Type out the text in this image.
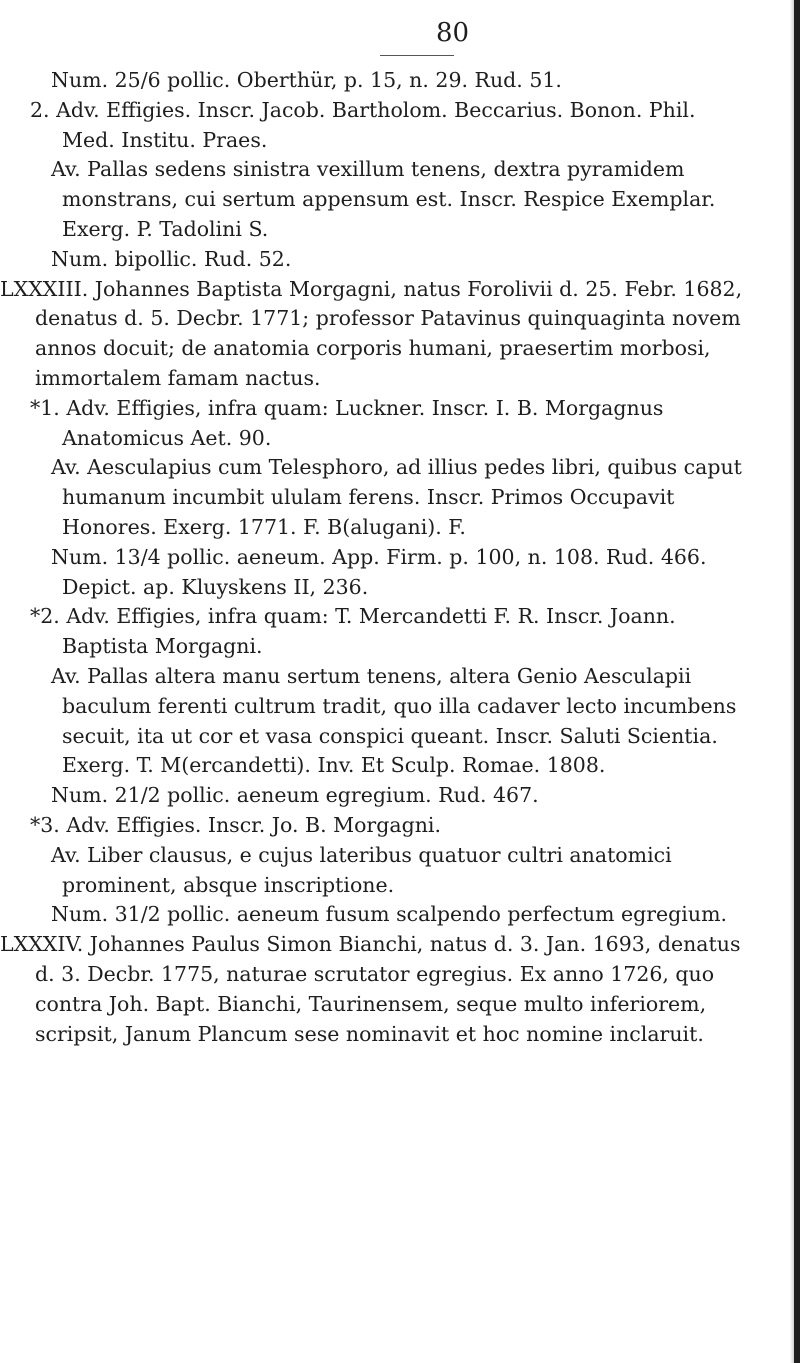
80

Num. 25/6 pollic. Oberthür, p. 15, n. 29. Rud. 51.

2. Adv. Effigies. Inscr. Jacob. Bartholom. Beccarius. Bonon. Phil. Med. Institu. Praes.

Av. Pallas sedens sinistra vexillum tenens, dextra pyramidem monstrans, cui sertum appensum est. Inscr. Respice Exemplar. Exerg. P. Tadolini S.

Num. bipollic. Rud. 52.

LXXXIII. Johannes Baptista Morgagni, natus Forolivii d. 25. Febr. 1682, denatus d. 5. Decbr. 1771; professor Patavinus quinquaginta novem annos docuit; de anatomia corporis humani, praesertim morbosi, immortalem famam nactus.

*1. Adv. Effigies, infra quam: Luckner. Inscr. I. B. Morgagnus Anatomicus Aet. 90.

Av. Aesculapius cum Telesphoro, ad illius pedes libri, quibus caput humanum incumbit ululam ferens. Inscr. Primos Occupavit Honores. Exerg. 1771. F. B(alugani). F.

Num. 13/4 pollic. aeneum. App. Firm. p. 100, n. 108. Rud. 466. Depict. ap. Kluyskens II, 236.

*2. Adv. Effigies, infra quam: T. Mercandetti F. R. Inscr. Joann. Baptista Morgagni.

Av. Pallas altera manu sertum tenens, altera Genio Aesculapii baculum ferenti cultrum tradit, quo illa cadaver lecto incumbens secuit, ita ut cor et vasa conspici queant. Inscr. Saluti Scientia. Exerg. T. M(ercandetti). Inv. Et Sculp. Romae. 1808.

Num. 21/2 pollic. aeneum egregium. Rud. 467.

*3. Adv. Effigies. Inscr. Jo. B. Morgagni.

Av. Liber clausus, e cujus lateribus quatuor cultri anatomici prominent, absque inscriptione.

Num. 31/2 pollic. aeneum fusum scalpendo perfectum egregium.

LXXXIV. Johannes Paulus Simon Bianchi, natus d. 3. Jan. 1693, denatus d. 3. Decbr. 1775, naturae scrutator egregius. Ex anno 1726, quo contra Joh. Bapt. Bianchi, Taurinensem, seque multo inferiorem, scripsit, Janum Plancum sese nominavit et hoc nomine inclaruit.
